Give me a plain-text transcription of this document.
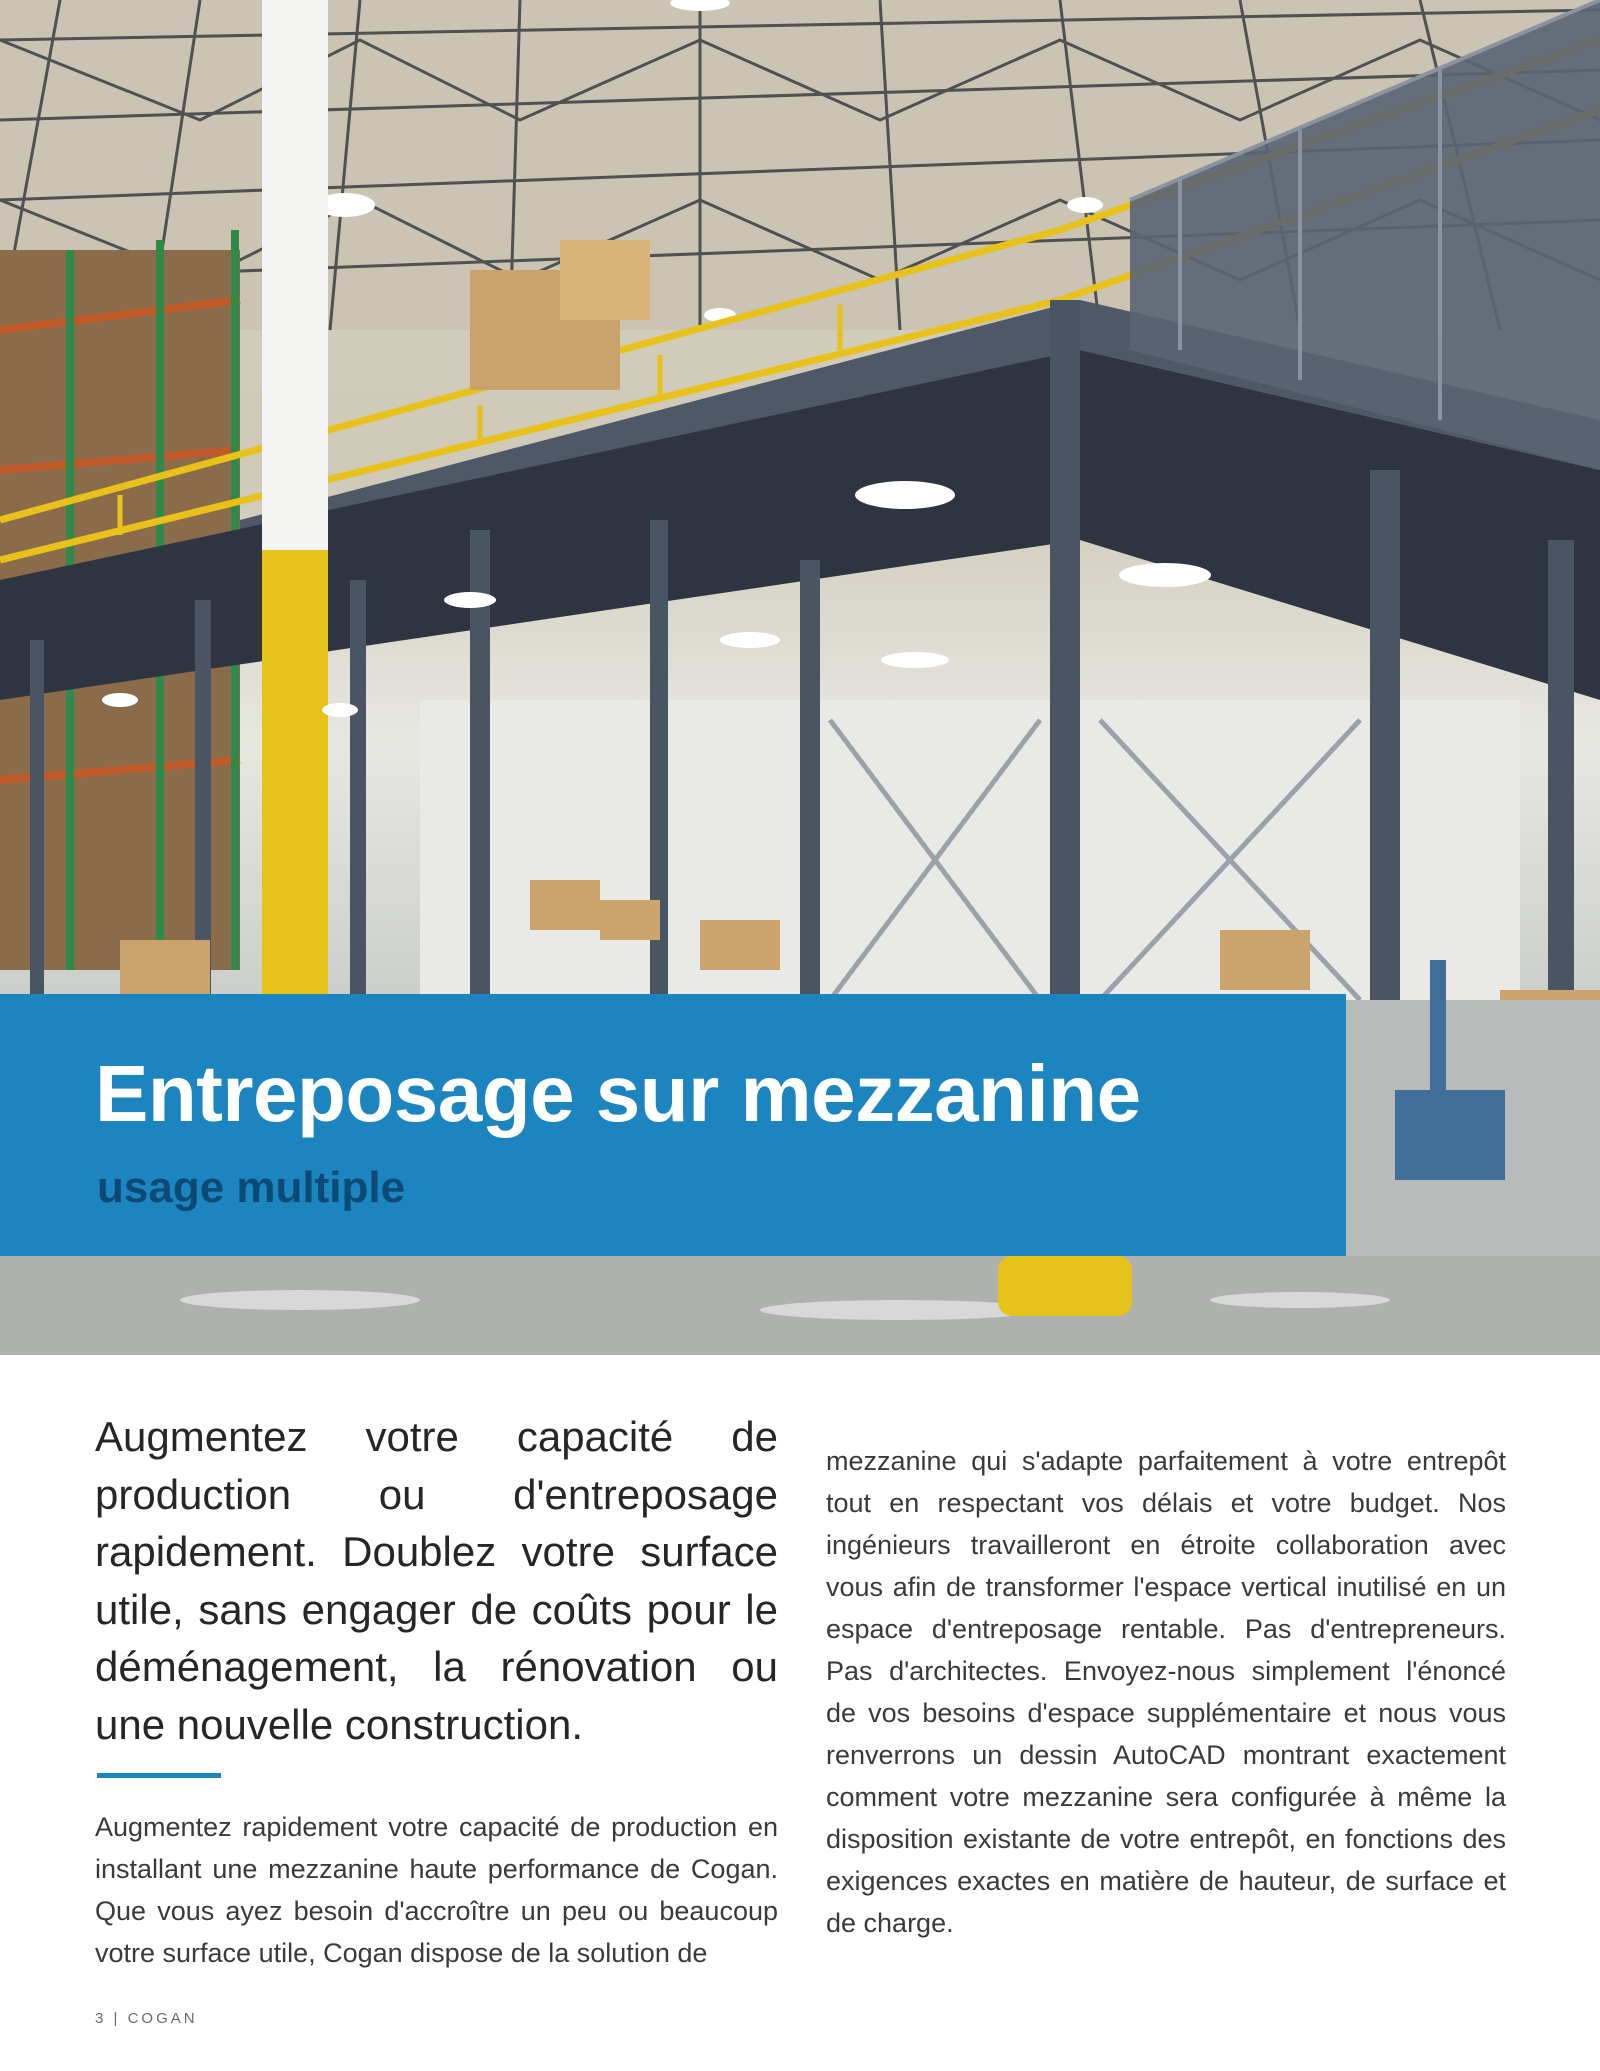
Entreposage sur mezzanine
usage multiple

Augmentez votre capacité de production ou d'entreposage rapidement. Doublez votre surface utile, sans engager de coûts pour le déménagement, la rénovation ou une nouvelle construction.

Augmentez rapidement votre capacité de production en installant une mezzanine haute performance de Cogan. Que vous ayez besoin d'accroître un peu ou beaucoup votre surface utile, Cogan dispose de la solution de

mezzanine qui s'adapte parfaitement à votre entrepôt tout en respectant vos délais et votre budget. Nos ingénieurs travailleront en étroite collaboration avec vous afin de transformer l'espace vertical inutilisé en un espace d'entreposage rentable. Pas d'entrepreneurs. Pas d'architectes. Envoyez-nous simplement l'énoncé de vos besoins d'espace supplémentaire et nous vous renverrons un dessin AutoCAD montrant exactement comment votre mezzanine sera configurée à même la disposition existante de votre entrepôt, en fonctions des exigences exactes en matière de hauteur, de surface et de charge.

3 | COGAN
